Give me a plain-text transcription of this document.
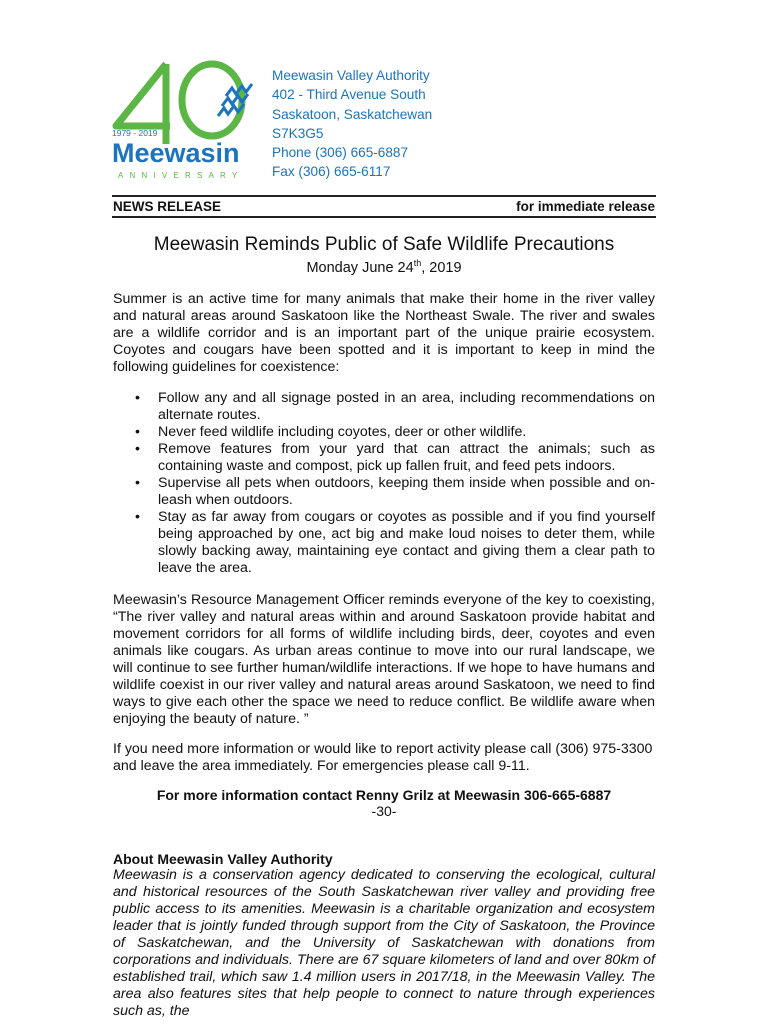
1979 - 2019
Meewasin
ANNIVERSARY
Meewasin Valley Authority
402 - Third Avenue South
Saskatoon, Saskatchewan
S7K3G5
Phone (306) 665-6887
Fax (306) 665-6117
NEWS RELEASE	for immediate release
Meewasin Reminds Public of Safe Wildlife Precautions
Monday June 24th, 2019
Summer is an active time for many animals that make their home in the river valley and natural areas around Saskatoon like the Northeast Swale. The river and swales are a wildlife corridor and is an important part of the unique prairie ecosystem. Coyotes and cougars have been spotted and it is important to keep in mind the following guidelines for coexistence:
• Follow any and all signage posted in an area, including recommendations on alternate routes.
• Never feed wildlife including coyotes, deer or other wildlife.
• Remove features from your yard that can attract the animals; such as containing waste and compost, pick up fallen fruit, and feed pets indoors.
• Supervise all pets when outdoors, keeping them inside when possible and on-leash when outdoors.
• Stay as far away from cougars or coyotes as possible and if you find yourself being approached by one, act big and make loud noises to deter them, while slowly backing away, maintaining eye contact and giving them a clear path to leave the area.
Meewasin’s Resource Management Officer reminds everyone of the key to coexisting, “The river valley and natural areas within and around Saskatoon provide habitat and movement corridors for all forms of wildlife including birds, deer, coyotes and even animals like cougars. As urban areas continue to move into our rural landscape, we will continue to see further human/wildlife interactions. If we hope to have humans and wildlife coexist in our river valley and natural areas around Saskatoon, we need to find ways to give each other the space we need to reduce conflict. Be wildlife aware when enjoying the beauty of nature. ”
If you need more information or would like to report activity please call (306) 975-3300 and leave the area immediately. For emergencies please call 9-11.
For more information contact Renny Grilz at Meewasin 306-665-6887
-30-
About Meewasin Valley Authority
Meewasin is a conservation agency dedicated to conserving the ecological, cultural and historical resources of the South Saskatchewan river valley and providing free public access to its amenities. Meewasin is a charitable organization and ecosystem leader that is jointly funded through support from the City of Saskatoon, the Province of Saskatchewan, and the University of Saskatchewan with donations from corporations and individuals. There are 67 square kilometers of land and over 80km of established trail, which saw 1.4 million users in 2017/18, in the Meewasin Valley. The area also features sites that help people to connect to nature through experiences such as, the
